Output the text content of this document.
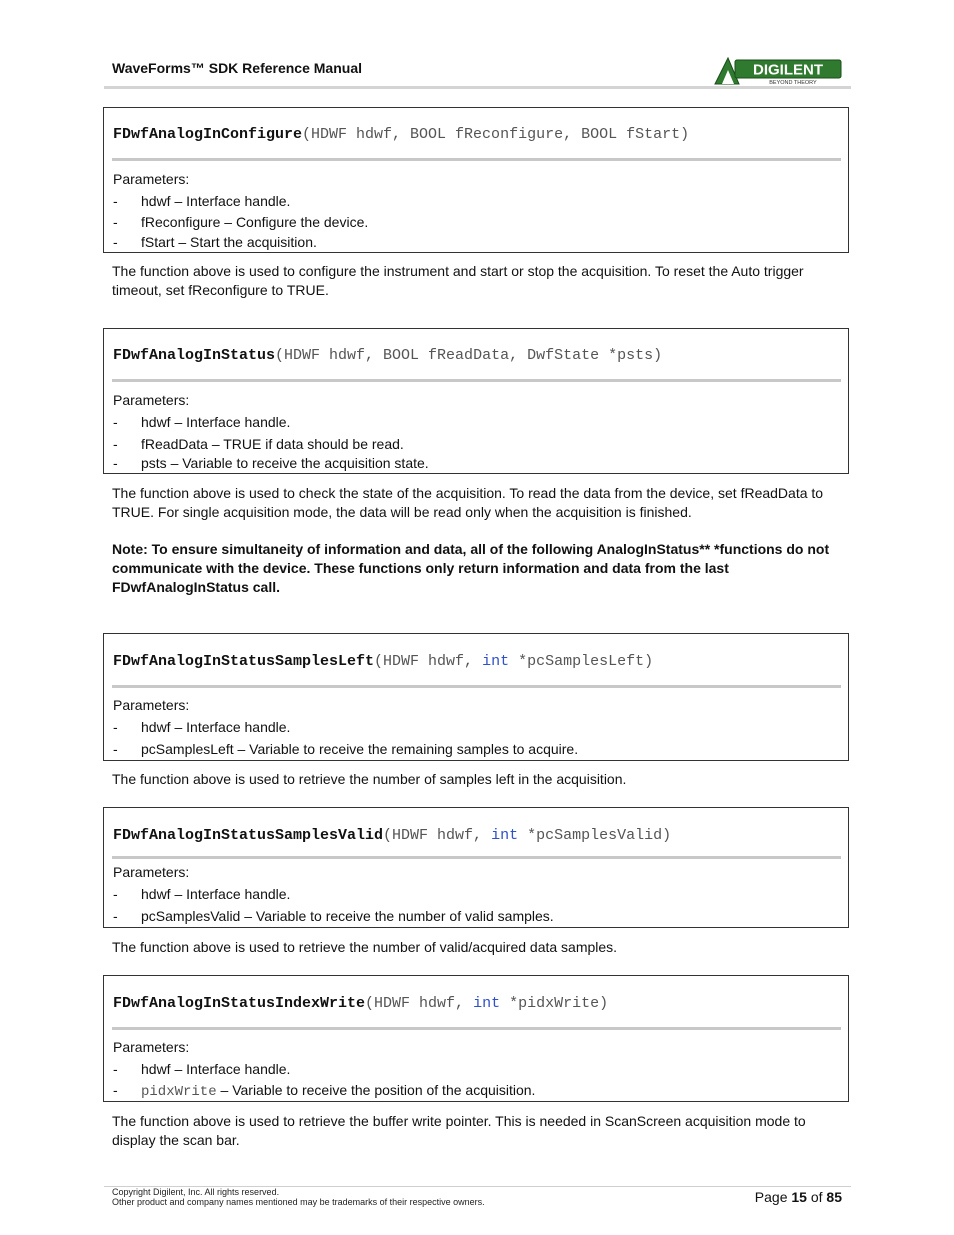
WaveForms™ SDK Reference Manual	DIGILENT
BEYOND THEORY
FDwfAnalogInConfigure(HDWF hdwf, BOOL fReconfigure, BOOL fStart)
Parameters:
- hdwf – Interface handle.
- fReconfigure – Configure the device.
- fStart – Start the acquisition.
The function above is used to configure the instrument and start or stop the acquisition. To reset the Auto trigger timeout, set fReconfigure to TRUE.
FDwfAnalogInStatus(HDWF hdwf, BOOL fReadData, DwfState *psts)
Parameters:
- hdwf – Interface handle.
- fReadData – TRUE if data should be read.
- psts – Variable to receive the acquisition state.
The function above is used to check the state of the acquisition. To read the data from the device, set fReadData to TRUE. For single acquisition mode, the data will be read only when the acquisition is finished.
Note: To ensure simultaneity of information and data, all of the following AnalogInStatus** *functions do not communicate with the device. These functions only return information and data from the last FDwfAnalogInStatus call.
FDwfAnalogInStatusSamplesLeft(HDWF hdwf, int *pcSamplesLeft)
Parameters:
- hdwf – Interface handle.
- pcSamplesLeft – Variable to receive the remaining samples to acquire.
The function above is used to retrieve the number of samples left in the acquisition.
FDwfAnalogInStatusSamplesValid(HDWF hdwf, int *pcSamplesValid)
Parameters:
- hdwf – Interface handle.
- pcSamplesValid – Variable to receive the number of valid samples.
The function above is used to retrieve the number of valid/acquired data samples.
FDwfAnalogInStatusIndexWrite(HDWF hdwf, int *pidxWrite)
Parameters:
- hdwf – Interface handle.
- pidxWrite – Variable to receive the position of the acquisition.
The function above is used to retrieve the buffer write pointer. This is needed in ScanScreen acquisition mode to display the scan bar.
Copyright Digilent, Inc. All rights reserved.
Other product and company names mentioned may be trademarks of their respective owners.	Page 15 of 85
